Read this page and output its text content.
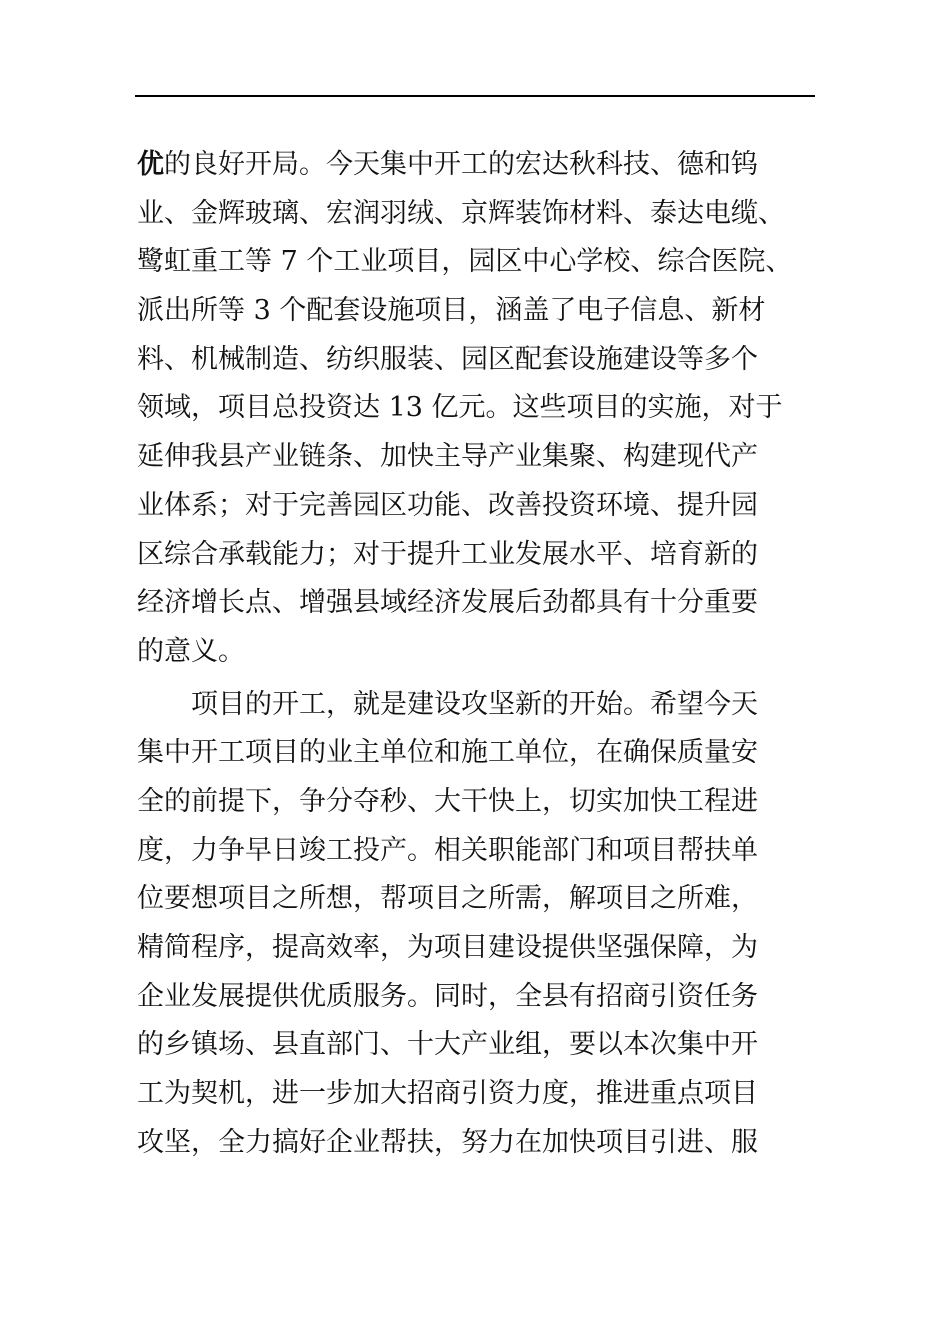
优的良好开局。今天集中开工的宏达秋科技、德和钨
业、金辉玻璃、宏润羽绒、京辉装饰材料、泰达电缆、
鹭虹重工等 7 个工业项目，园区中心学校、综合医院、
派出所等 3 个配套设施项目，涵盖了电子信息、新材
料、机械制造、纺织服装、园区配套设施建设等多个
领域，项目总投资达 13 亿元。这些项目的实施，对于
延伸我县产业链条、加快主导产业集聚、构建现代产
业体系；对于完善园区功能、改善投资环境、提升园
区综合承载能力；对于提升工业发展水平、培育新的
经济增长点、增强县域经济发展后劲都具有十分重要
的意义。
项目的开工，就是建设攻坚新的开始。希望今天
集中开工项目的业主单位和施工单位，在确保质量安
全的前提下，争分夺秒、大干快上，切实加快工程进
度，力争早日竣工投产。相关职能部门和项目帮扶单
位要想项目之所想，帮项目之所需，解项目之所难，
精简程序，提高效率，为项目建设提供坚强保障，为
企业发展提供优质服务。同时，全县有招商引资任务
的乡镇场、县直部门、十大产业组，要以本次集中开
工为契机，进一步加大招商引资力度，推进重点项目
攻坚，全力搞好企业帮扶，努力在加快项目引进、服
